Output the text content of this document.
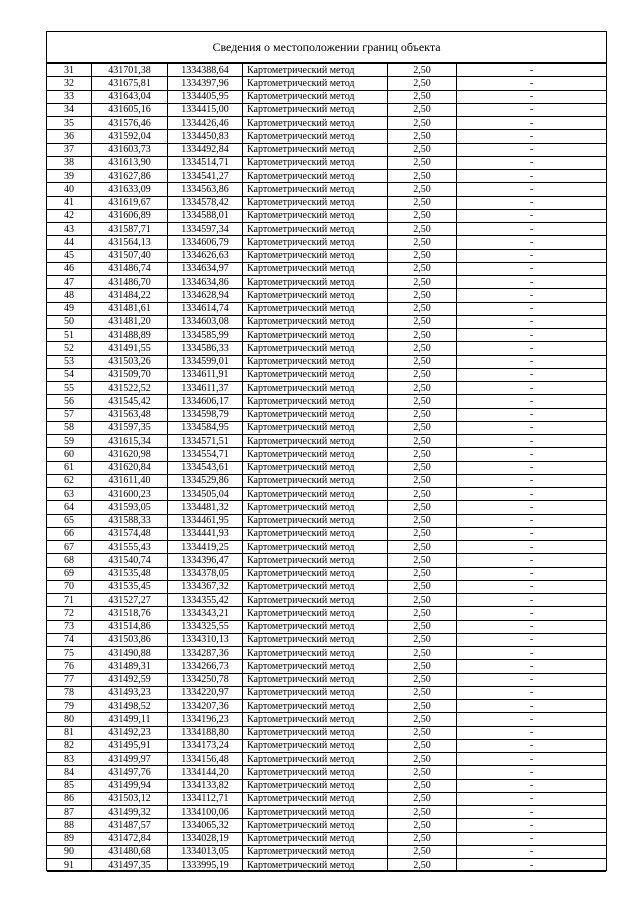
Сведения о местоположении границ объекта
31	431701,38	1334388,64	Картометрический метод	2,50	-
32	431675,81	1334397,96	Картометрический метод	2,50	-
33	431643,04	1334405,95	Картометрический метод	2,50	-
34	431605,16	1334415,00	Картометрический метод	2,50	-
35	431576,46	1334426,46	Картометрический метод	2,50	-
36	431592,04	1334450,83	Картометрический метод	2,50	-
37	431603,73	1334492,84	Картометрический метод	2,50	-
38	431613,90	1334514,71	Картометрический метод	2,50	-
39	431627,86	1334541,27	Картометрический метод	2,50	-
40	431633,09	1334563,86	Картометрический метод	2,50	-
41	431619,67	1334578,42	Картометрический метод	2,50	-
42	431606,89	1334588,01	Картометрический метод	2,50	-
43	431587,71	1334597,34	Картометрический метод	2,50	-
44	431564,13	1334606,79	Картометрический метод	2,50	-
45	431507,40	1334626,63	Картометрический метод	2,50	-
46	431486,74	1334634,97	Картометрический метод	2,50	-
47	431486,70	1334634,86	Картометрический метод	2,50	-
48	431484,22	1334628,94	Картометрический метод	2,50	-
49	431481,61	1334614,74	Картометрический метод	2,50	-
50	431481,20	1334603,08	Картометрический метод	2,50	-
51	431488,89	1334585,99	Картометрический метод	2,50	-
52	431491,55	1334586,33	Картометрический метод	2,50	-
53	431503,26	1334599,01	Картометрический метод	2,50	-
54	431509,70	1334611,91	Картометрический метод	2,50	-
55	431522,52	1334611,37	Картометрический метод	2,50	-
56	431545,42	1334606,17	Картометрический метод	2,50	-
57	431563,48	1334598,79	Картометрический метод	2,50	-
58	431597,35	1334584,95	Картометрический метод	2,50	-
59	431615,34	1334571,51	Картометрический метод	2,50	-
60	431620,98	1334554,71	Картометрический метод	2,50	-
61	431620,84	1334543,61	Картометрический метод	2,50	-
62	431611,40	1334529,86	Картометрический метод	2,50	-
63	431600,23	1334505,04	Картометрический метод	2,50	-
64	431593,05	1334481,32	Картометрический метод	2,50	-
65	431588,33	1334461,95	Картометрический метод	2,50	-
66	431574,48	1334441,93	Картометрический метод	2,50	-
67	431555,43	1334419,25	Картометрический метод	2,50	-
68	431540,74	1334396,47	Картометрический метод	2,50	-
69	431535,48	1334378,05	Картометрический метод	2,50	-
70	431535,45	1334367,32	Картометрический метод	2,50	-
71	431527,27	1334355,42	Картометрический метод	2,50	-
72	431518,76	1334343,21	Картометрический метод	2,50	-
73	431514,86	1334325,55	Картометрический метод	2,50	-
74	431503,86	1334310,13	Картометрический метод	2,50	-
75	431490,88	1334287,36	Картометрический метод	2,50	-
76	431489,31	1334266,73	Картометрический метод	2,50	-
77	431492,59	1334250,78	Картометрический метод	2,50	-
78	431493,23	1334220,97	Картометрический метод	2,50	-
79	431498,52	1334207,36	Картометрический метод	2,50	-
80	431499,11	1334196,23	Картометрический метод	2,50	-
81	431492,23	1334188,80	Картометрический метод	2,50	-
82	431495,91	1334173,24	Картометрический метод	2,50	-
83	431499,97	1334156,48	Картометрический метод	2,50	-
84	431497,76	1334144,20	Картометрический метод	2,50	-
85	431499,94	1334133,82	Картометрический метод	2,50	-
86	431503,12	1334112,71	Картометрический метод	2,50	-
87	431499,32	1334100,06	Картометрический метод	2,50	-
88	431487,57	1334065,32	Картометрический метод	2,50	-
89	431472,84	1334028,19	Картометрический метод	2,50	-
90	431480,68	1334013,05	Картометрический метод	2,50	-
91	431497,35	1333995,19	Картометрический метод	2,50	-
